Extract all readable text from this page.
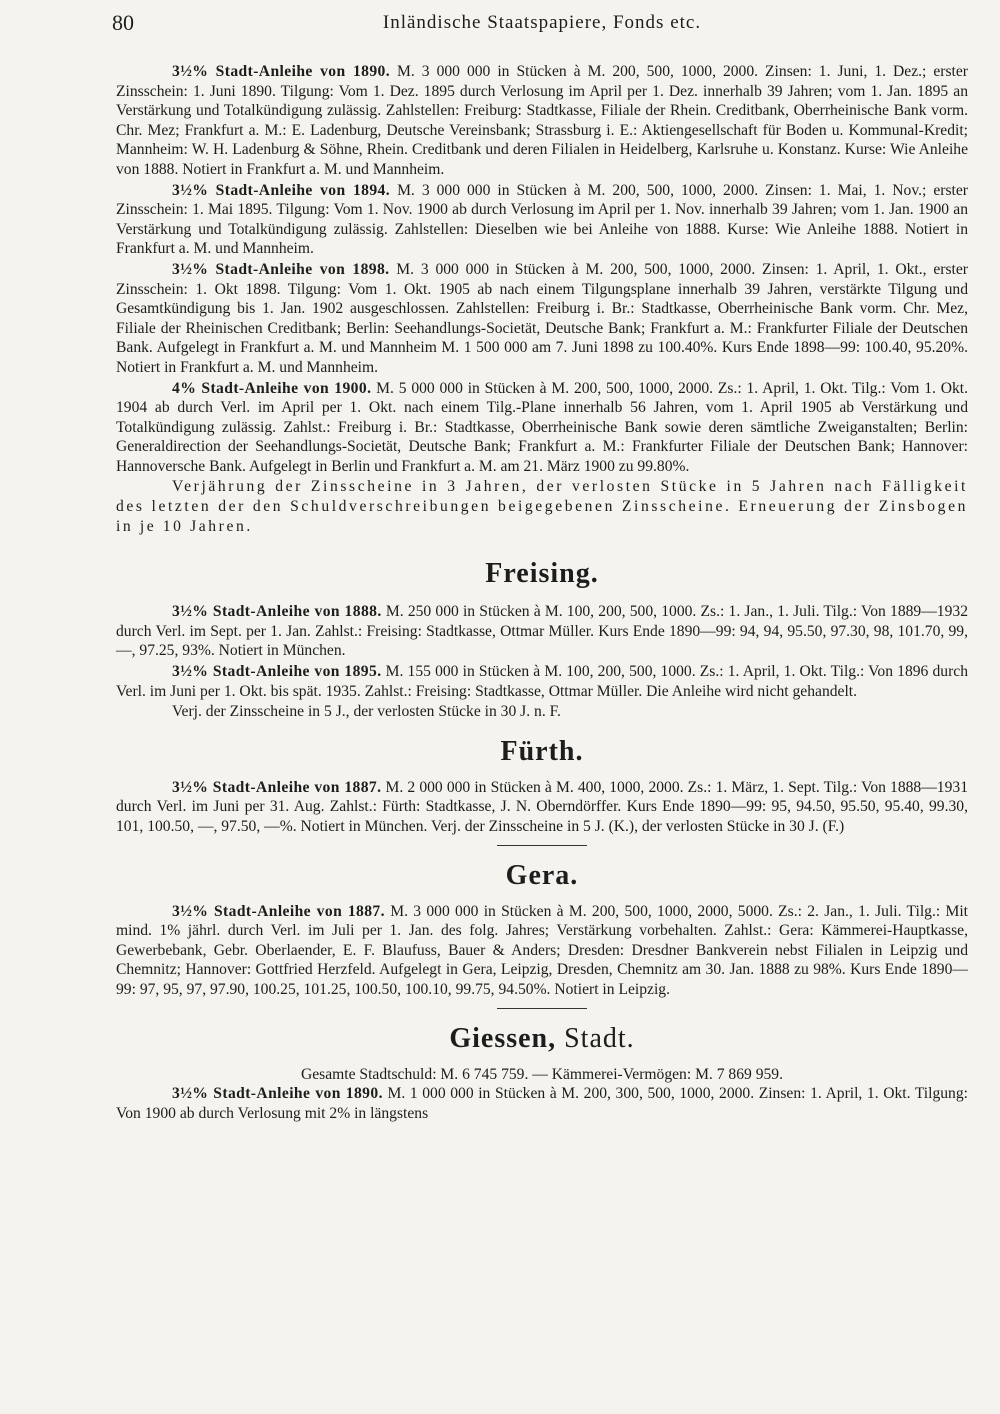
80	Inländische Staatspapiere, Fonds etc.

3½% Stadt-Anleihe von 1890. M. 3 000 000 in Stücken à M. 200, 500, 1000, 2000. Zinsen: 1. Juni, 1. Dez.; erster Zinsschein: 1. Juni 1890. Tilgung: Vom 1. Dez. 1895 durch Verlosung im April per 1. Dez. innerhalb 39 Jahren; vom 1. Jan. 1895 an Verstärkung und Totalkündigung zulässig. Zahlstellen: Freiburg: Stadtkasse, Filiale der Rhein. Creditbank, Oberrheinische Bank vorm. Chr. Mez; Frankfurt a. M.: E. Ladenburg, Deutsche Vereinsbank; Strassburg i. E.: Aktiengesellschaft für Boden u. Kommunal-Kredit; Mannheim: W. H. Ladenburg & Söhne, Rhein. Creditbank und deren Filialen in Heidelberg, Karlsruhe u. Konstanz. Kurse: Wie Anleihe von 1888. Notiert in Frankfurt a. M. und Mannheim.

3½% Stadt-Anleihe von 1894. M. 3 000 000 in Stücken à M. 200, 500, 1000, 2000. Zinsen: 1. Mai, 1. Nov.; erster Zinsschein: 1. Mai 1895. Tilgung: Vom 1. Nov. 1900 ab durch Verlosung im April per 1. Nov. innerhalb 39 Jahren; vom 1. Jan. 1900 an Verstärkung und Totalkündigung zulässig. Zahlstellen: Dieselben wie bei Anleihe von 1888. Kurse: Wie Anleihe 1888. Notiert in Frankfurt a. M. und Mannheim.

3½% Stadt-Anleihe von 1898. M. 3 000 000 in Stücken à M. 200, 500, 1000, 2000. Zinsen: 1. April, 1. Okt., erster Zinsschein: 1. Okt 1898. Tilgung: Vom 1. Okt. 1905 ab nach einem Tilgungsplane innerhalb 39 Jahren, verstärkte Tilgung und Gesamtkündigung bis 1. Jan. 1902 ausgeschlossen. Zahlstellen: Freiburg i. Br.: Stadtkasse, Oberrheinische Bank vorm. Chr. Mez, Filiale der Rheinischen Creditbank; Berlin: Seehandlungs-Societät, Deutsche Bank; Frankfurt a. M.: Frankfurter Filiale der Deutschen Bank. Aufgelegt in Frankfurt a. M. und Mannheim M. 1 500 000 am 7. Juni 1898 zu 100.40%. Kurs Ende 1898—99: 100.40, 95.20%. Notiert in Frankfurt a. M. und Mannheim.

4% Stadt-Anleihe von 1900. M. 5 000 000 in Stücken à M. 200, 500, 1000, 2000. Zs.: 1. April, 1. Okt. Tilg.: Vom 1. Okt. 1904 ab durch Verl. im April per 1. Okt. nach einem Tilg.-Plane innerhalb 56 Jahren, vom 1. April 1905 ab Verstärkung und Totalkündigung zulässig. Zahlst.: Freiburg i. Br.: Stadtkasse, Oberrheinische Bank sowie deren sämtliche Zweiganstalten; Berlin: Generaldirection der Seehandlungs-Societät, Deutsche Bank; Frankfurt a. M.: Frankfurter Filiale der Deutschen Bank; Hannover: Hannoversche Bank. Aufgelegt in Berlin und Frankfurt a. M. am 21. März 1900 zu 99.80%.

Verjährung der Zinsscheine in 3 Jahren, der verlosten Stücke in 5 Jahren nach Fälligkeit des letzten der den Schuldverschreibungen beigegebenen Zinsscheine. Erneuerung der Zinsbogen in je 10 Jahren.

Freising.

3½% Stadt-Anleihe von 1888. M. 250 000 in Stücken à M. 100, 200, 500, 1000. Zs.: 1. Jan., 1. Juli. Tilg.: Von 1889—1932 durch Verl. im Sept. per 1. Jan. Zahlst.: Freising: Stadtkasse, Ottmar Müller. Kurs Ende 1890—99: 94, 94, 95.50, 97.30, 98, 101.70, 99, —, 97.25, 93%. Notiert in München.

3½% Stadt-Anleihe von 1895. M. 155 000 in Stücken à M. 100, 200, 500, 1000. Zs.: 1. April, 1. Okt. Tilg.: Von 1896 durch Verl. im Juni per 1. Okt. bis spät. 1935. Zahlst.: Freising: Stadtkasse, Ottmar Müller. Die Anleihe wird nicht gehandelt.

Verj. der Zinsscheine in 5 J., der verlosten Stücke in 30 J. n. F.

Fürth.

3½% Stadt-Anleihe von 1887. M. 2 000 000 in Stücken à M. 400, 1000, 2000. Zs.: 1. März, 1. Sept. Tilg.: Von 1888—1931 durch Verl. im Juni per 31. Aug. Zahlst.: Fürth: Stadtkasse, J. N. Oberndörffer. Kurs Ende 1890—99: 95, 94.50, 95.50, 95.40, 99.30, 101, 100.50, —, 97.50, —%. Notiert in München. Verj. der Zinsscheine in 5 J. (K.), der verlosten Stücke in 30 J. (F.)

Gera.

3½% Stadt-Anleihe von 1887. M. 3 000 000 in Stücken à M. 200, 500, 1000, 2000, 5000. Zs.: 2. Jan., 1. Juli. Tilg.: Mit mind. 1% jährl. durch Verl. im Juli per 1. Jan. des folg. Jahres; Verstärkung vorbehalten. Zahlst.: Gera: Kämmerei-Hauptkasse, Gewerbebank, Gebr. Oberlaender, E. F. Blaufuss, Bauer & Anders; Dresden: Dresdner Bankverein nebst Filialen in Leipzig und Chemnitz; Hannover: Gottfried Herzfeld. Aufgelegt in Gera, Leipzig, Dresden, Chemnitz am 30. Jan. 1888 zu 98%. Kurs Ende 1890—99: 97, 95, 97, 97.90, 100.25, 101.25, 100.50, 100.10, 99.75, 94.50%. Notiert in Leipzig.

Giessen, Stadt.

Gesamte Stadtschuld: M. 6 745 759. — Kämmerei-Vermögen: M. 7 869 959.

3½% Stadt-Anleihe von 1890. M. 1 000 000 in Stücken à M. 200, 300, 500, 1000, 2000. Zinsen: 1. April, 1. Okt. Tilgung: Von 1900 ab durch Verlosung mit 2% in längstens
